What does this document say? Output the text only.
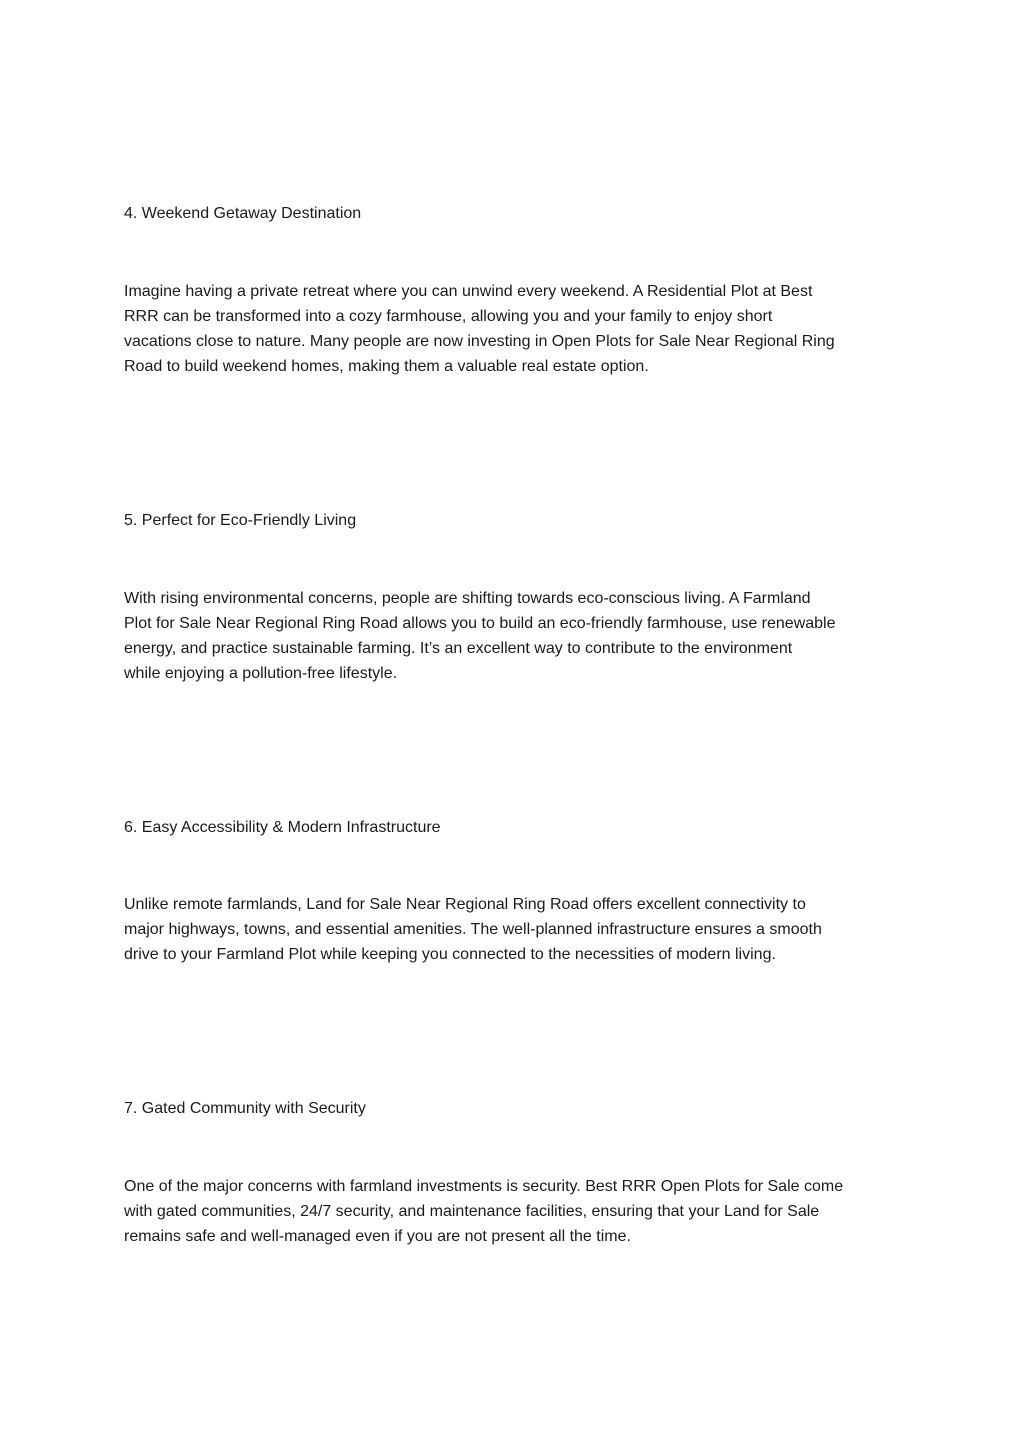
4. Weekend Getaway Destination

Imagine having a private retreat where you can unwind every weekend. A Residential Plot at Best
RRR can be transformed into a cozy farmhouse, allowing you and your family to enjoy short
vacations close to nature. Many people are now investing in Open Plots for Sale Near Regional Ring
Road to build weekend homes, making them a valuable real estate option.

5. Perfect for Eco-Friendly Living

With rising environmental concerns, people are shifting towards eco-conscious living. A Farmland
Plot for Sale Near Regional Ring Road allows you to build an eco-friendly farmhouse, use renewable
energy, and practice sustainable farming. It’s an excellent way to contribute to the environment
while enjoying a pollution-free lifestyle.

6. Easy Accessibility & Modern Infrastructure

Unlike remote farmlands, Land for Sale Near Regional Ring Road offers excellent connectivity to
major highways, towns, and essential amenities. The well-planned infrastructure ensures a smooth
drive to your Farmland Plot while keeping you connected to the necessities of modern living.

7. Gated Community with Security

One of the major concerns with farmland investments is security. Best RRR Open Plots for Sale come
with gated communities, 24/7 security, and maintenance facilities, ensuring that your Land for Sale
remains safe and well-managed even if you are not present all the time.
